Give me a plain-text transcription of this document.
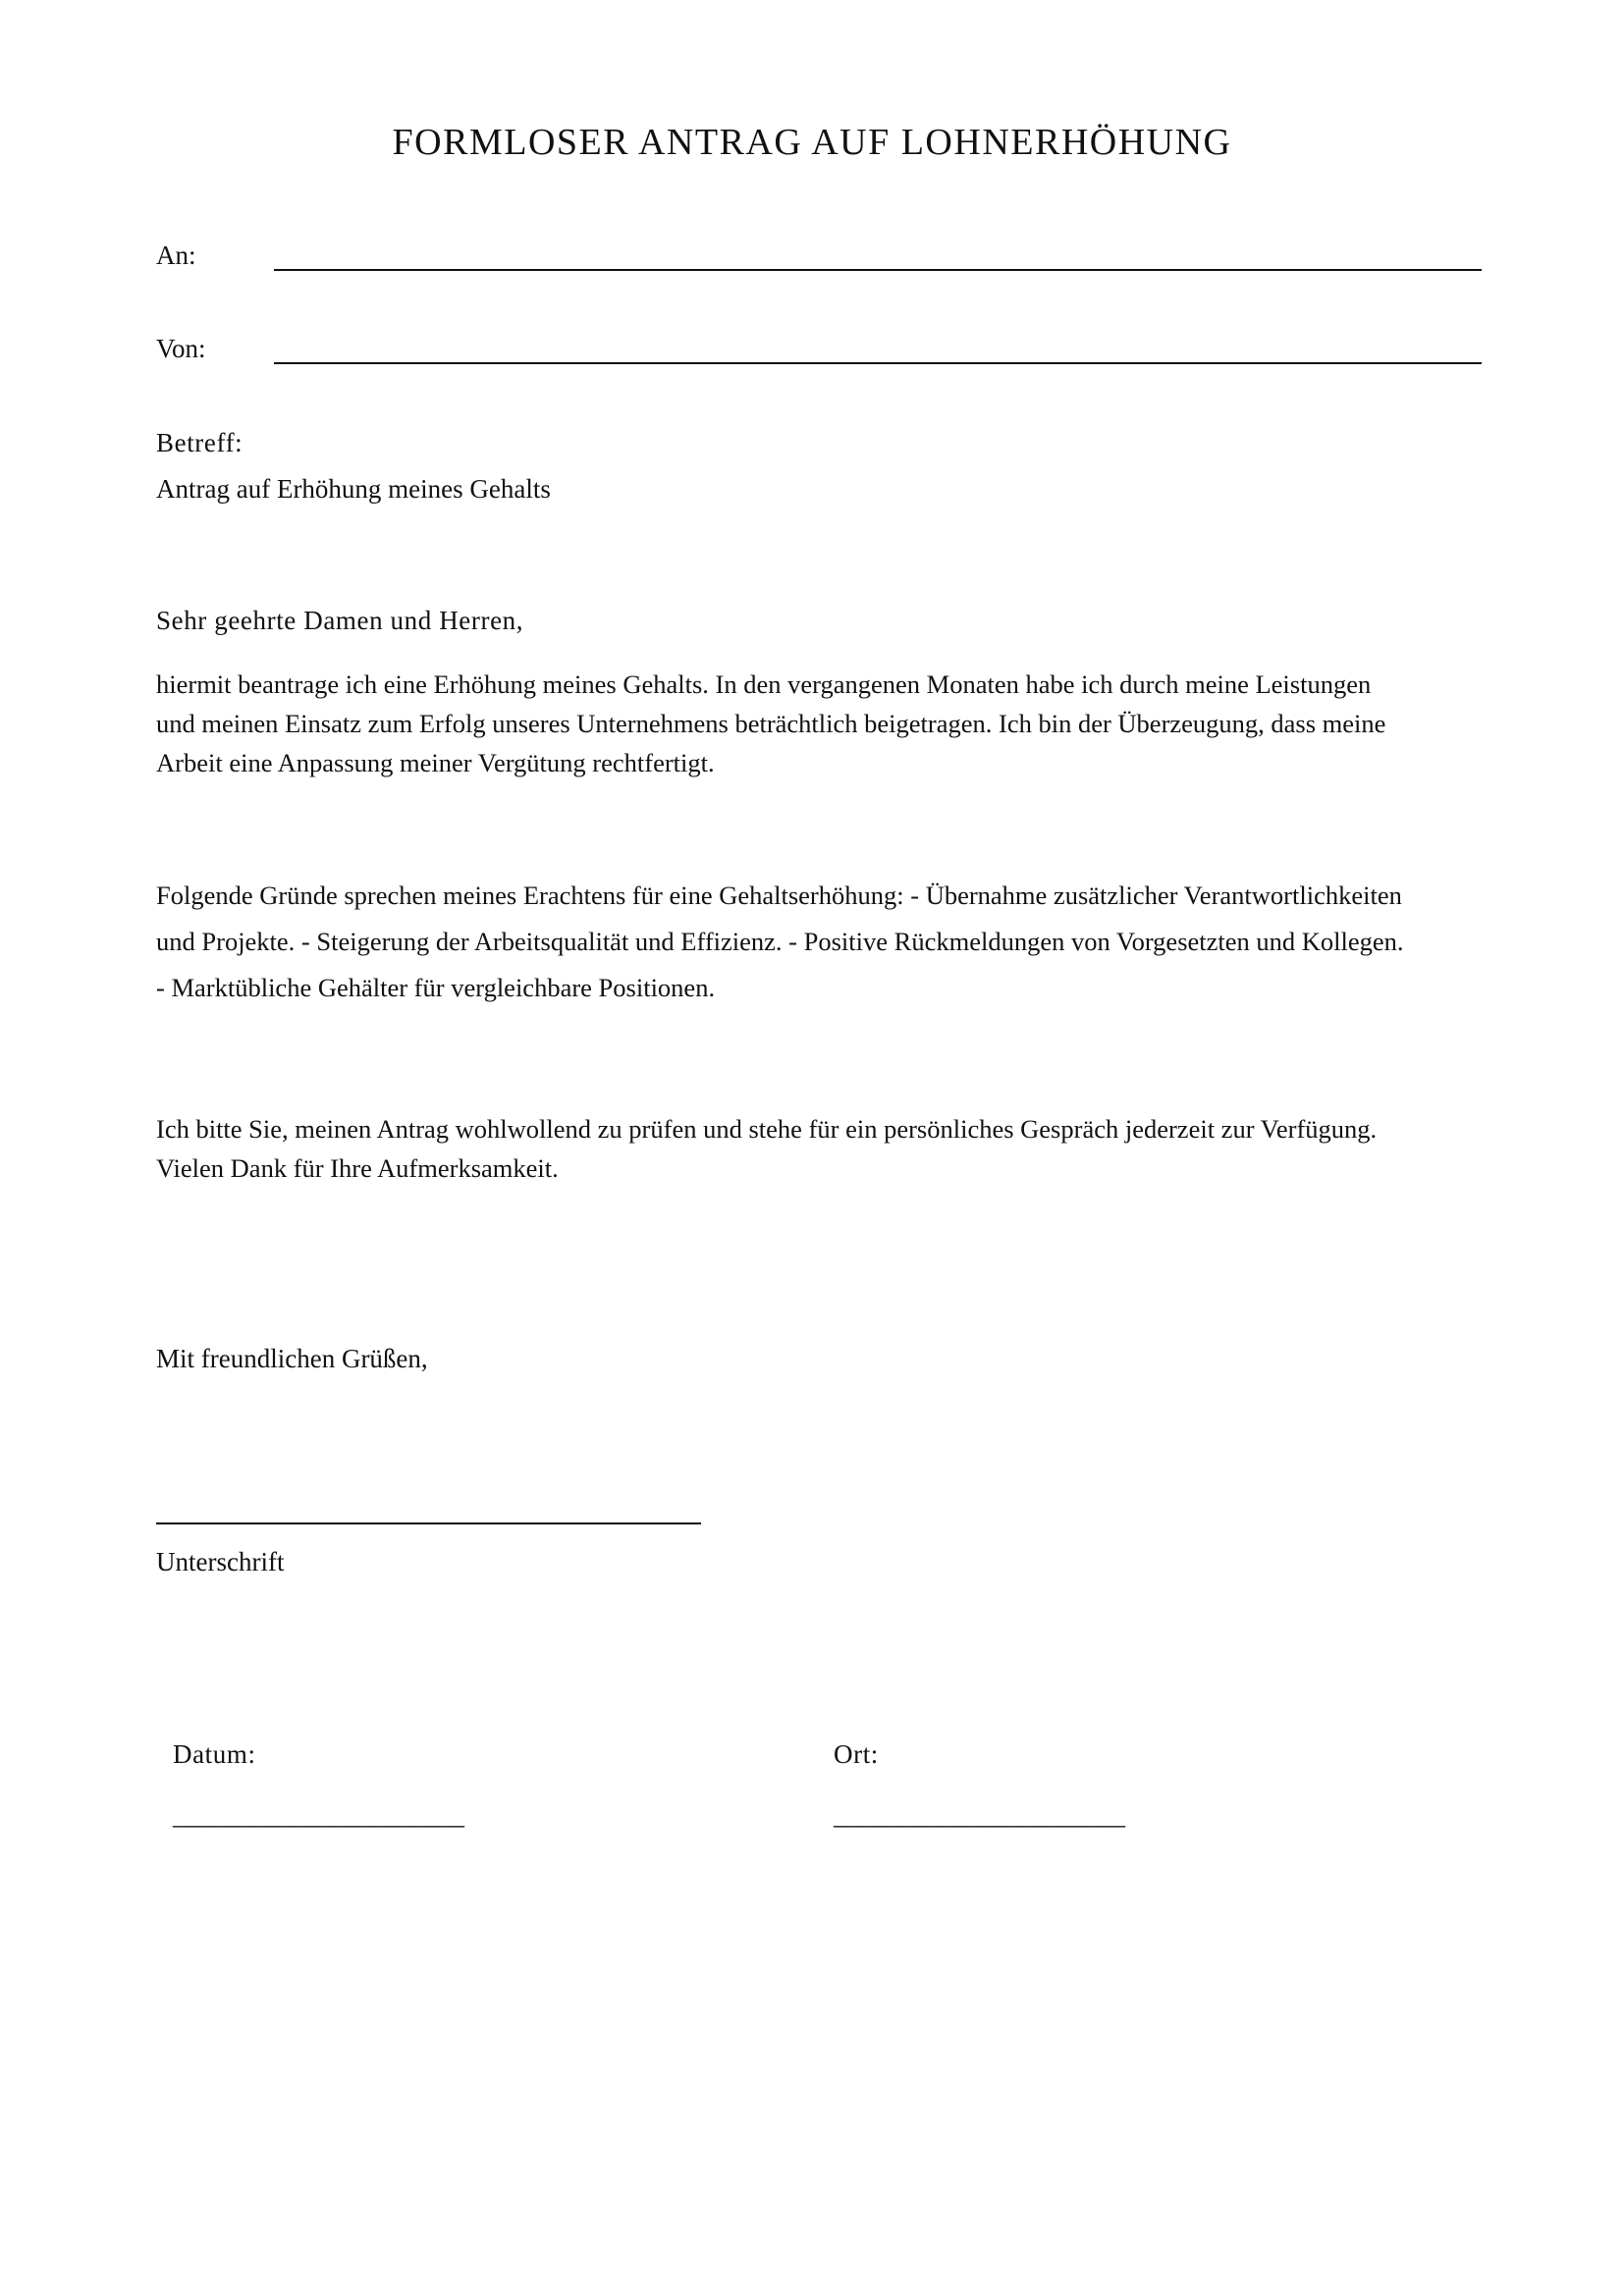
FORMLOSER ANTRAG AUF LOHNERHÖHUNG
An:
Von:
Betreff:
Antrag auf Erhöhung meines Gehalts
Sehr geehrte Damen und Herren,
hiermit beantrage ich eine Erhöhung meines Gehalts. In den vergangenen Monaten habe ich durch meine Leistungen
und meinen Einsatz zum Erfolg unseres Unternehmens beträchtlich beigetragen. Ich bin der Überzeugung, dass meine
Arbeit eine Anpassung meiner Vergütung rechtfertigt.
Folgende Gründe sprechen meines Erachtens für eine Gehaltserhöhung: - Übernahme zusätzlicher Verantwortlichkeiten
und Projekte. - Steigerung der Arbeitsqualität und Effizienz. - Positive Rückmeldungen von Vorgesetzten und Kollegen.
- Marktübliche Gehälter für vergleichbare Positionen.
Ich bitte Sie, meinen Antrag wohlwollend zu prüfen und stehe für ein persönliches Gespräch jederzeit zur Verfügung.
Vielen Dank für Ihre Aufmerksamkeit.
Mit freundlichen Grüßen,
Unterschrift
Datum:
______________________
Ort:
______________________
